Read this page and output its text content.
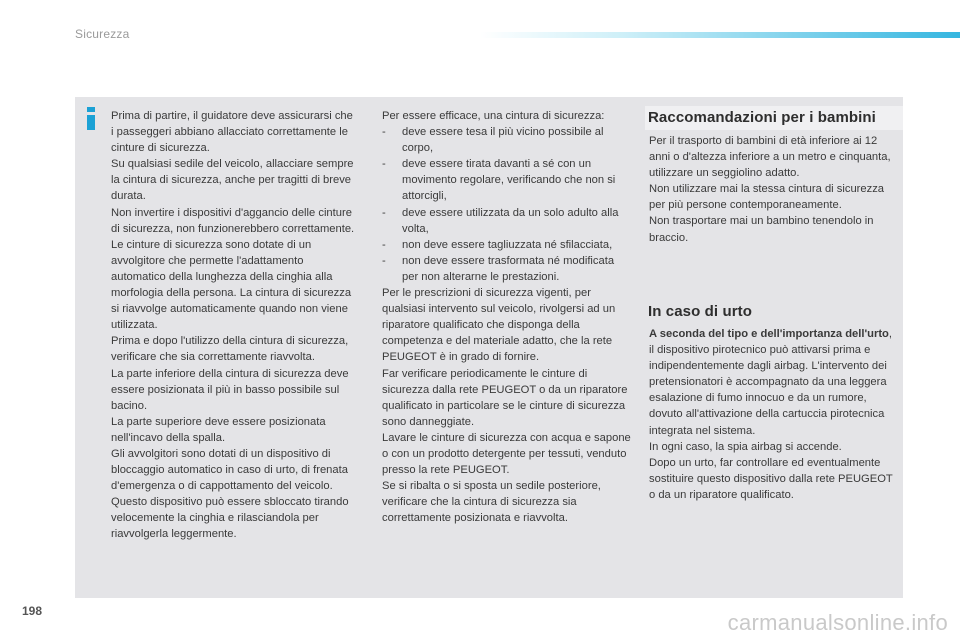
Sicurezza

Prima di partire, il guidatore deve assicurarsi che i passeggeri abbiano allacciato correttamente le cinture di sicurezza.

Su qualsiasi sedile del veicolo, allacciare sempre la cintura di sicurezza, anche per tragitti di breve durata.

Non invertire i dispositivi d'aggancio delle cinture di sicurezza, non funzionerebbero correttamente.

Le cinture di sicurezza sono dotate di un avvolgitore che permette l'adattamento automatico della lunghezza della cinghia alla morfologia della persona. La cintura di sicurezza si riavvolge automaticamente quando non viene utilizzata.

Prima e dopo l'utilizzo della cintura di sicurezza, verificare che sia correttamente riavvolta.

La parte inferiore della cintura di sicurezza deve essere posizionata il più in basso possibile sul bacino.

La parte superiore deve essere posizionata nell'incavo della spalla.

Gli avvolgitori sono dotati di un dispositivo di bloccaggio automatico in caso di urto, di frenata d'emergenza o di cappottamento del veicolo. Questo dispositivo può essere sbloccato tirando velocemente la cinghia e rilasciandola per riavvolgerla leggermente.

Per essere efficace, una cintura di sicurezza:

-	deve essere tesa il più vicino possibile al corpo,
-	deve essere tirata davanti a sé con un movimento regolare, verificando che non si attorcigli,
-	deve essere utilizzata da un solo adulto alla volta,
-	non deve essere tagliuzzata né sfilacciata,
-	non deve essere trasformata né modificata per non alterarne le prestazioni.

Per le prescrizioni di sicurezza vigenti, per qualsiasi intervento sul veicolo, rivolgersi ad un riparatore qualificato che disponga della competenza e del materiale adatto, che la rete PEUGEOT è in grado di fornire.

Far verificare periodicamente le cinture di sicurezza dalla rete PEUGEOT o da un riparatore qualificato in particolare se le cinture di sicurezza sono danneggiate.

Lavare le cinture di sicurezza con acqua e sapone o con un prodotto detergente per tessuti, venduto presso la rete PEUGEOT.

Se si ribalta o si sposta un sedile posteriore, verificare che la cintura di sicurezza sia correttamente posizionata e riavvolta.

Raccomandazioni per i bambini

Per il trasporto di bambini di età inferiore ai 12 anni o d'altezza inferiore a un metro e cinquanta, utilizzare un seggiolino adatto.

Non utilizzare mai la stessa cintura di sicurezza per più persone contemporaneamente.

Non trasportare mai un bambino tenendolo in braccio.

In caso di urto

A seconda del tipo e dell'importanza dell'urto, il dispositivo pirotecnico può attivarsi prima e indipendentemente dagli airbag. L'intervento dei pretensionatori è accompagnato da una leggera esalazione di fumo innocuo e da un rumore, dovuto all'attivazione della cartuccia pirotecnica integrata nel sistema.

In ogni caso, la spia airbag si accende.

Dopo un urto, far controllare ed eventualmente sostituire questo dispositivo dalla rete PEUGEOT o da un riparatore qualificato.

198	carmanualsonline.info
